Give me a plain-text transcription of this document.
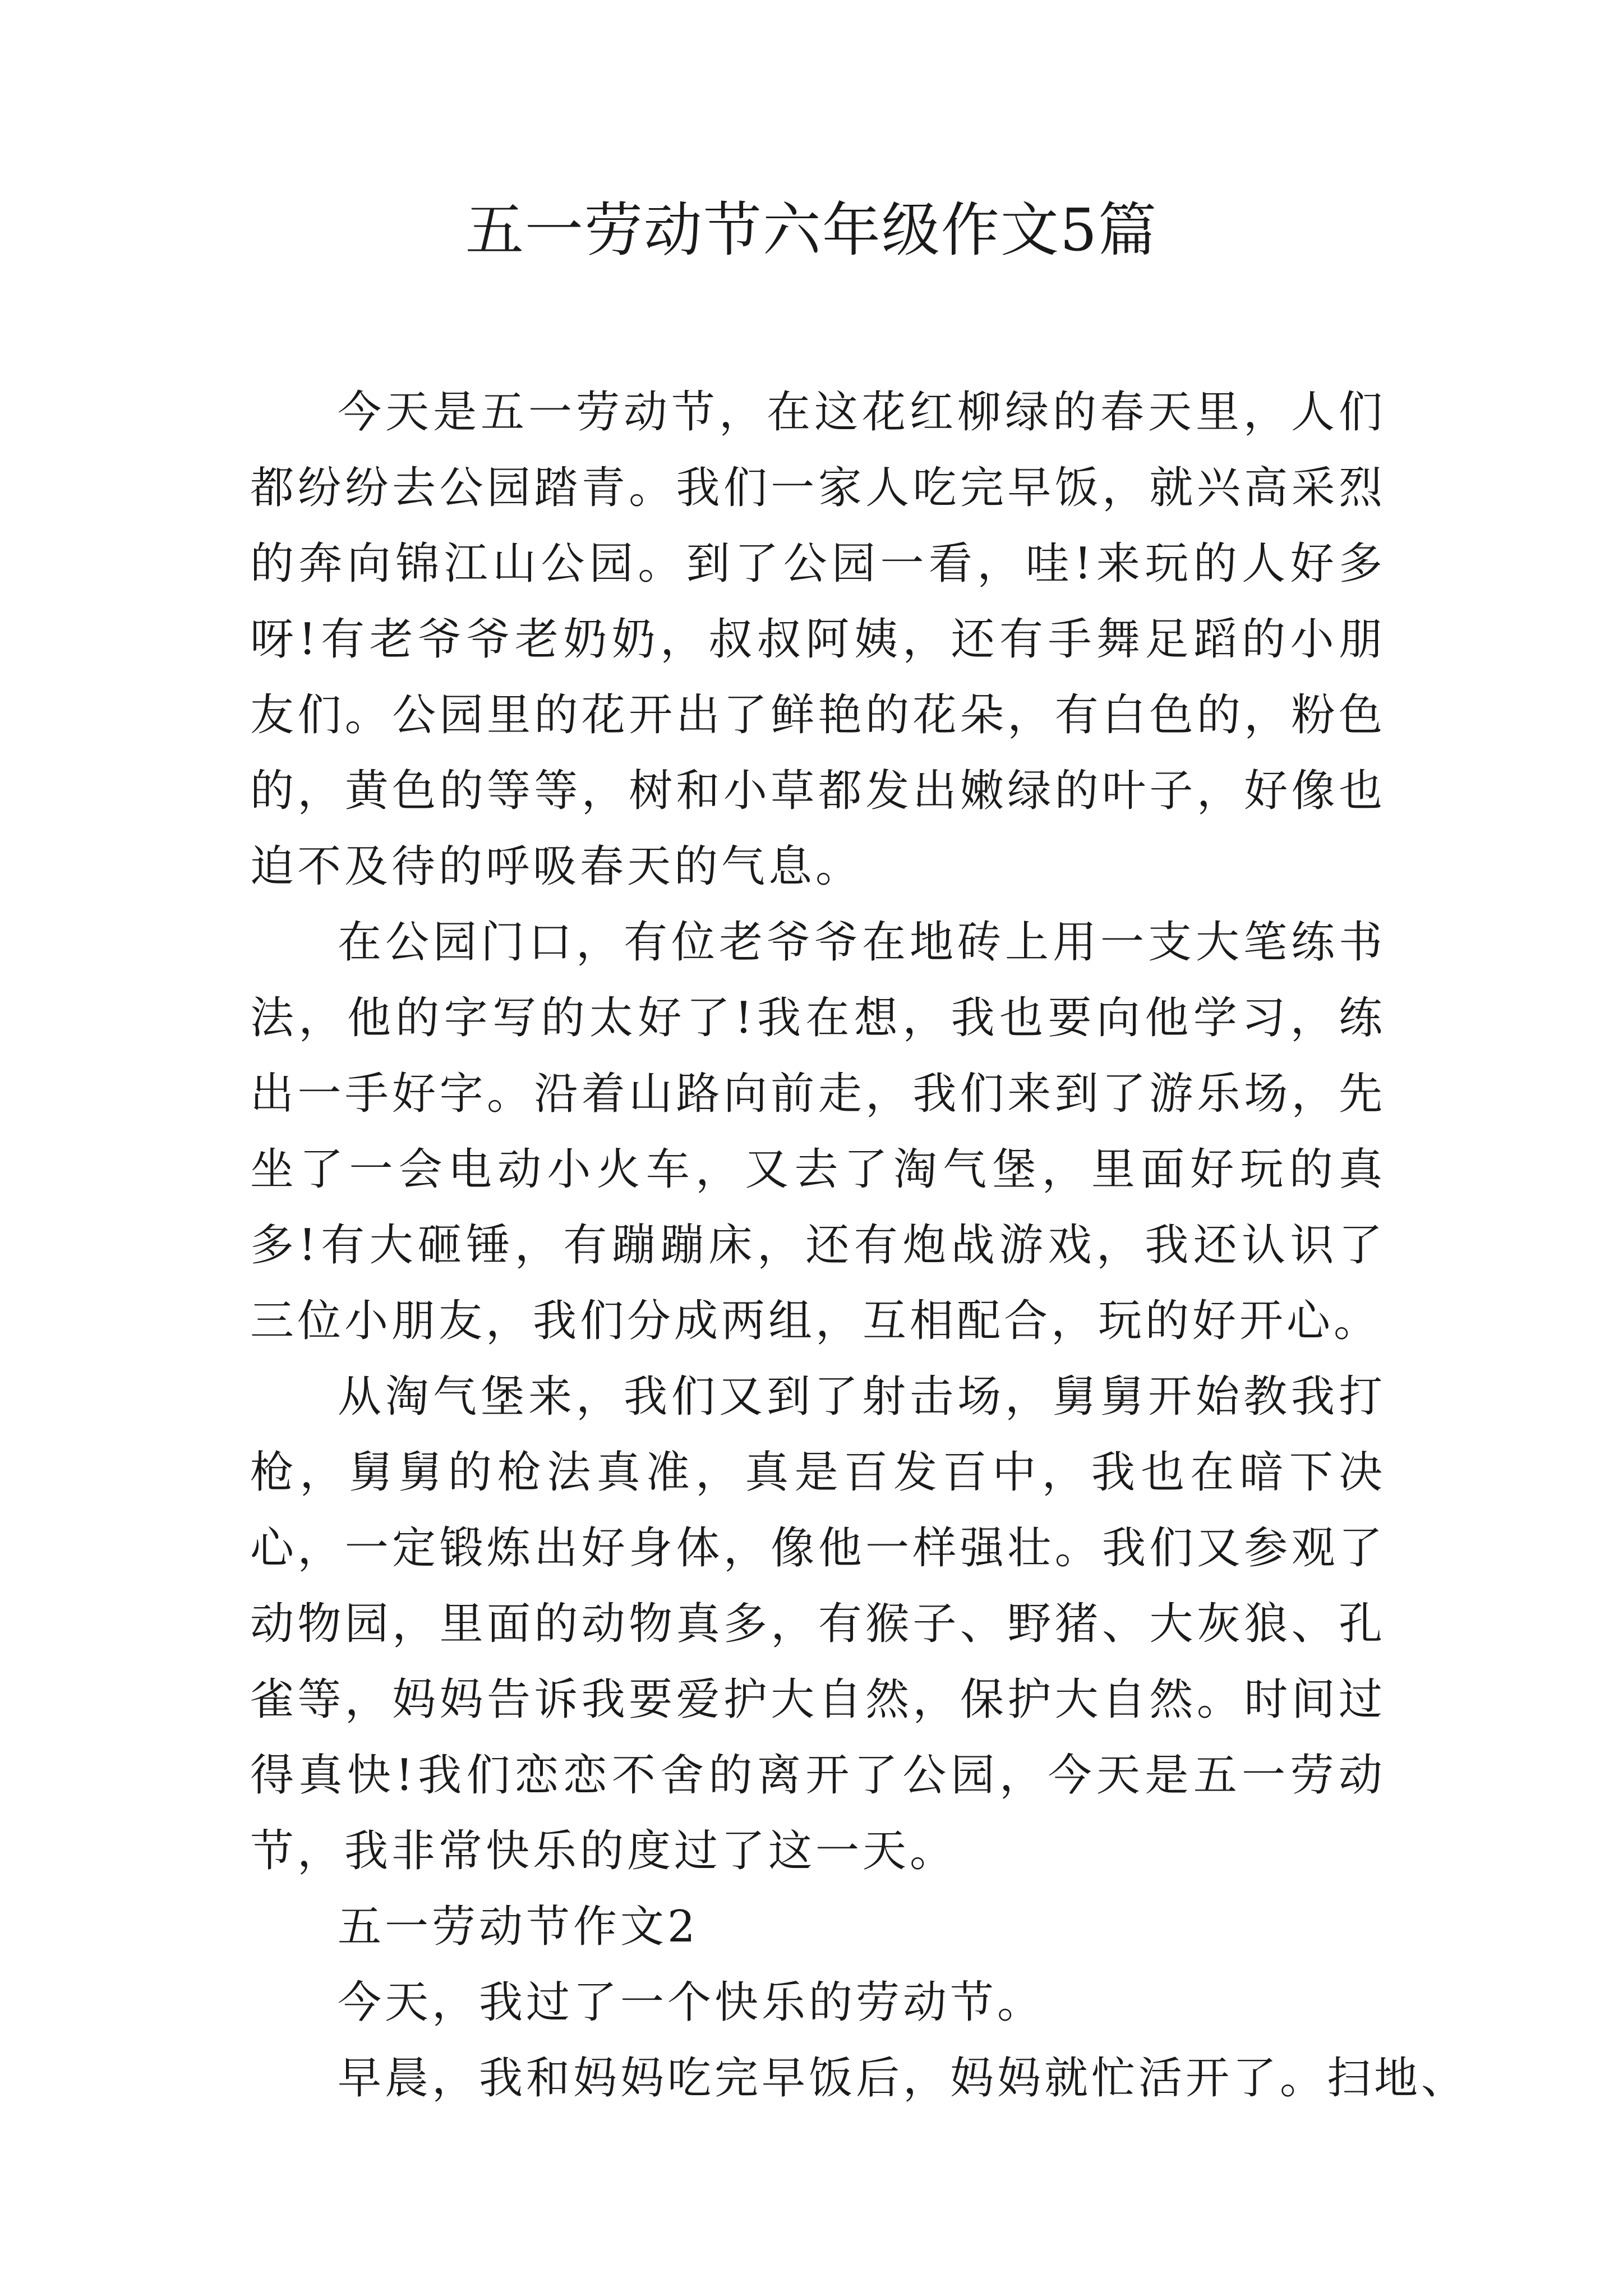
五一劳动节六年级作文5篇

今天是五一劳动节，在这花红柳绿的春天里，人们都纷纷去公园踏青。我们一家人吃完早饭，就兴高采烈的奔向锦江山公园。到了公园一看，哇!来玩的人好多呀!有老爷爷老奶奶，叔叔阿姨，还有手舞足蹈的小朋友们。公园里的花开出了鲜艳的花朵，有白色的，粉色的，黄色的等等，树和小草都发出嫩绿的叶子，好像也迫不及待的呼吸春天的气息。

在公园门口，有位老爷爷在地砖上用一支大笔练书法，他的字写的太好了!我在想，我也要向他学习，练出一手好字。沿着山路向前走，我们来到了游乐场，先坐了一会电动小火车，又去了淘气堡，里面好玩的真多!有大砸锤，有蹦蹦床，还有炮战游戏，我还认识了三位小朋友，我们分成两组，互相配合，玩的好开心。

从淘气堡来，我们又到了射击场，舅舅开始教我打枪，舅舅的枪法真准，真是百发百中，我也在暗下决心，一定锻炼出好身体，像他一样强壮。我们又参观了动物园，里面的动物真多，有猴子、野猪、大灰狼、孔雀等，妈妈告诉我要爱护大自然，保护大自然。时间过得真快!我们恋恋不舍的离开了公园，今天是五一劳动节，我非常快乐的度过了这一天。

五一劳动节作文2

今天，我过了一个快乐的劳动节。

早晨，我和妈妈吃完早饭后，妈妈就忙活开了。扫地、
